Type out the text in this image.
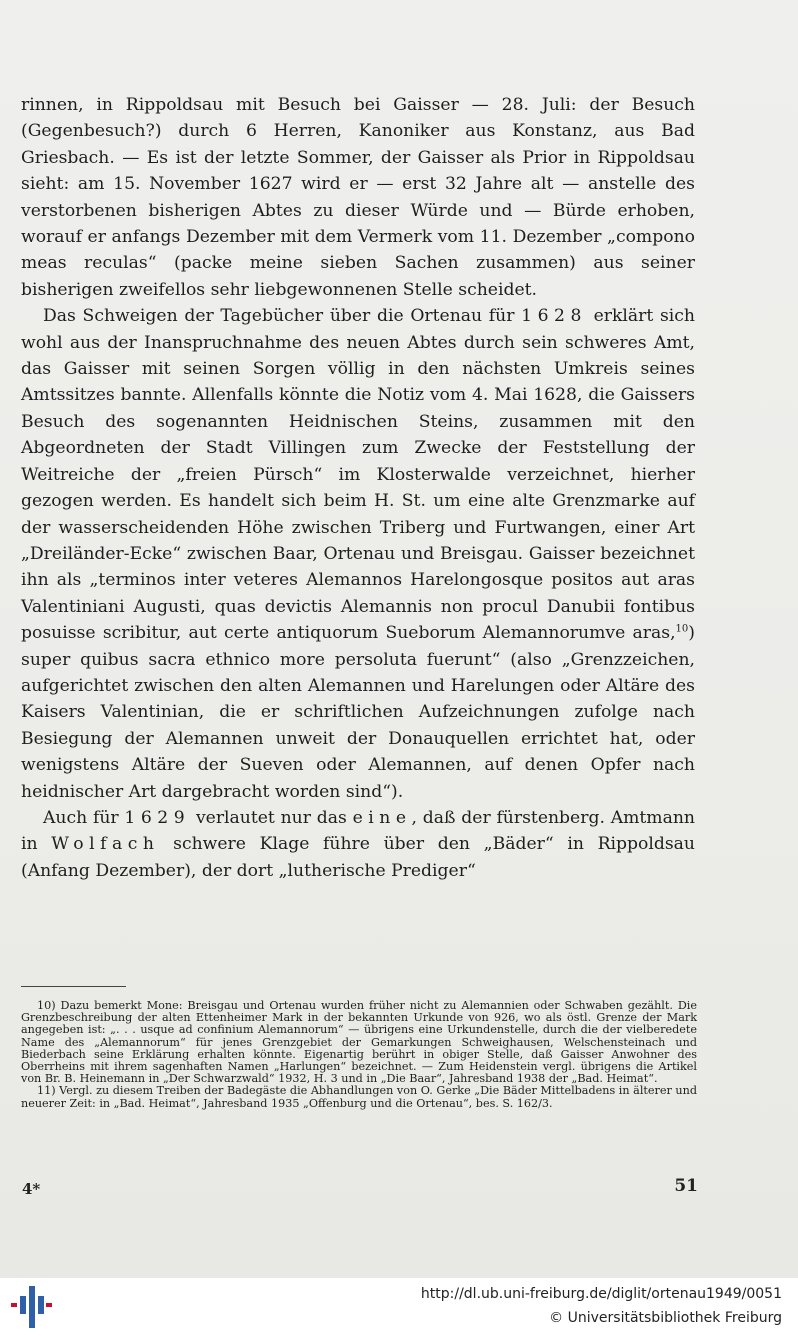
rinnen, in Rippoldsau mit Besuch bei Gaisser — 28. Juli: der Besuch (Gegenbesuch?) durch 6 Herren, Kanoniker aus Konstanz, aus Bad Griesbach. — Es ist der letzte Sommer, der Gaisser als Prior in Rippoldsau sieht: am 15. November 1627 wird er — erst 32 Jahre alt — anstelle des verstorbenen bisherigen Abtes zu dieser Würde und — Bürde erhoben, worauf er anfangs Dezember mit dem Vermerk vom 11. Dezember „compono meas reculas“ (packe meine sieben Sachen zusammen) aus seiner bisherigen zweifellos sehr liebgewonnenen Stelle scheidet.

Das Schweigen der Tagebücher über die Ortenau für 1628 erklärt sich wohl aus der Inanspruchnahme des neuen Abtes durch sein schweres Amt, das Gaisser mit seinen Sorgen völlig in den nächsten Umkreis seines Amtssitzes bannte. Allenfalls könnte die Notiz vom 4. Mai 1628, die Gaissers Besuch des sogenannten Heidnischen Steins, zusammen mit den Abgeordneten der Stadt Villingen zum Zwecke der Feststellung der Weitreiche der „freien Pürsch“ im Klosterwalde verzeichnet, hierher gezogen werden. Es handelt sich beim H. St. um eine alte Grenzmarke auf der wasserscheidenden Höhe zwischen Triberg und Furtwangen, einer Art „Dreiländer-Ecke“ zwischen Baar, Ortenau und Breisgau. Gaisser bezeichnet ihn als „terminos inter veteres Alemannos Harelongosque positos aut aras Valentiniani Augusti, quas devictis Alemannis non procul Danubii fontibus posuisse scribitur, aut certe antiquorum Sueborum Alemannorumve aras,$^{10}$) super quibus sacra ethnico more persoluta fuerunt“ (also „Grenzzeichen, aufgerichtet zwischen den alten Alemannen und Harelungen oder Altäre des Kaisers Valentinian, die er schriftlichen Aufzeichnungen zufolge nach Besiegung der Alemannen unweit der Donauquellen errichtet hat, oder wenigstens Altäre der Sueven oder Alemannen, auf denen Opfer nach heidnischer Art dargebracht worden sind“).

Auch für 1629 verlautet nur das eine, daß der fürstenberg. Amtmann in Wolfach schwere Klage führe über den „Bäder“ in Rippoldsau (Anfang Dezember), der dort „lutherische Prediger“

10) Dazu bemerkt Mone: Breisgau und Ortenau wurden früher nicht zu Alemannien oder Schwaben gezählt. Die Grenzbeschreibung der alten Ettenheimer Mark in der bekannten Urkunde von 926, wo als östl. Grenze der Mark angegeben ist: „. . . usque ad confinium Alemannorum“ — übrigens eine Urkundenstelle, durch die der vielberedete Name des „Alemannorum“ für jenes Grenzgebiet der Gemarkungen Schweighausen, Welschensteinach und Biederbach seine Erklärung erhalten könnte. Eigenartig berührt in obiger Stelle, daß Gaisser Anwohner des Oberrheins mit ihrem sagenhaften Namen „Harlungen“ bezeichnet. — Zum Heidenstein vergl. übrigens die Artikel von Br. B. Heinemann in „Der Schwarzwald“ 1932, H. 3 und in „Die Baar“, Jahresband 1938 der „Bad. Heimat“.

11) Vergl. zu diesem Treiben der Badegäste die Abhandlungen von O. Gerke „Die Bäder Mittelbadens in älterer und neuerer Zeit: in „Bad. Heimat“, Jahresband 1935 „Offenburg und die Ortenau“, bes. S. 162/3.

4*	51
http://dl.ub.uni-freiburg.de/diglit/ortenau1949/0051
© Universitätsbibliothek Freiburg
